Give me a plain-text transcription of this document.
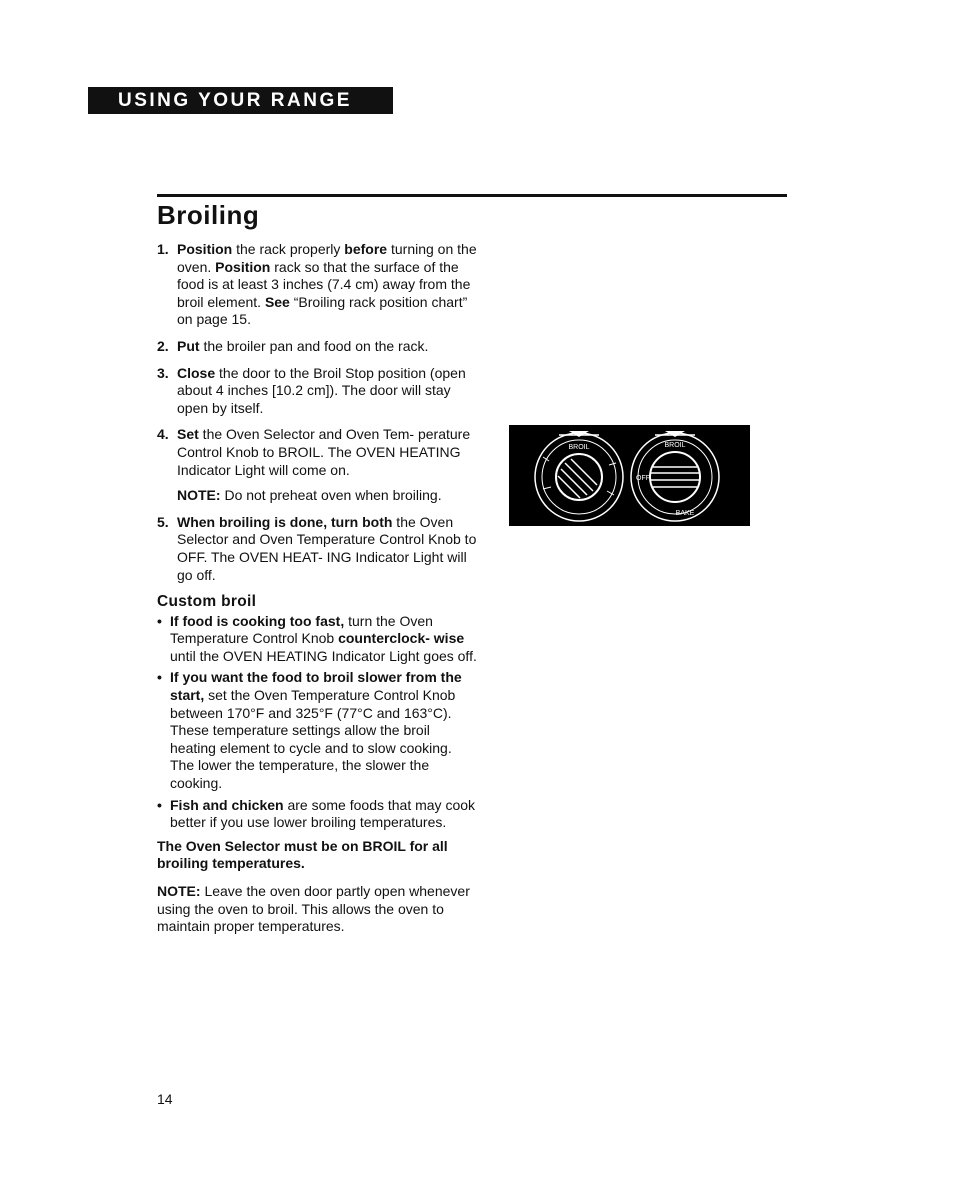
USING YOUR RANGE
Broiling
1. Position the rack properly before turning on the oven. Position rack so that the surface of the food is at least 3 inches (7.4 cm) away from the broil element. See “Broiling rack position chart” on page 15.
2. Put the broiler pan and food on the rack.
3. Close the door to the Broil Stop position (open about 4 inches [10.2 cm]). The door will stay open by itself.
4. Set the Oven Selector and Oven Tem- perature Control Knob to BROIL. The OVEN HEATING Indicator Light will come on.
NOTE: Do not preheat oven when broiling.
5. When broiling is done, turn both the Oven Selector and Oven Temperature Control Knob to OFF. The OVEN HEAT- ING Indicator Light will go off.
Custom broil
• If food is cooking too fast, turn the Oven Temperature Control Knob counterclock- wise until the OVEN HEATING Indicator Light goes off.
• If you want the food to broil slower from the start, set the Oven Temperature Control Knob between 170°F and 325°F (77°C and 163°C). These temperature settings allow the broil heating element to cycle and to slow cooking. The lower the temperature, the slower the cooking.
• Fish and chicken are some foods that may cook better if you use lower broiling temperatures.
The Oven Selector must be on BROIL for all broiling temperatures.
NOTE: Leave the oven door partly open whenever using the oven to broil. This allows the oven to maintain proper temperatures.
BROIL	BROIL
OFF
BAKE
14
